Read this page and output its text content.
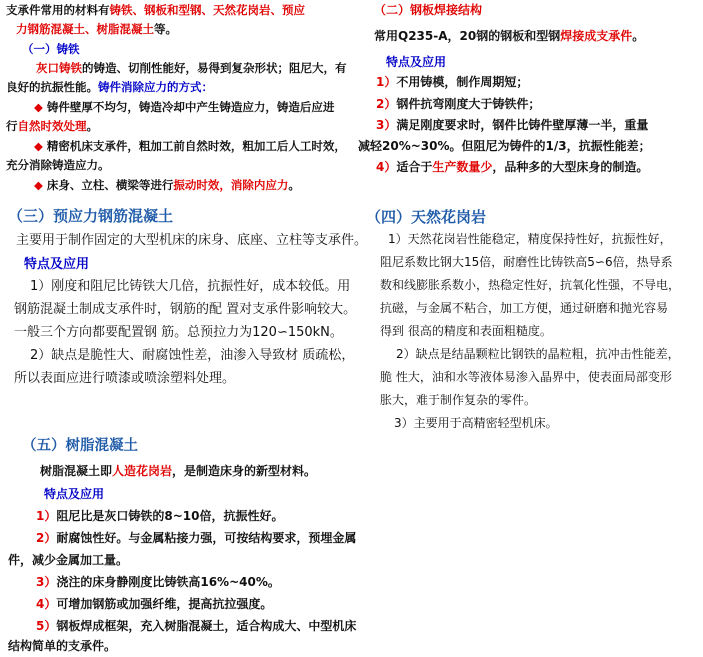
支承件常用的材料有铸铁、钢板和型钢、天然花岗岩、预应
力钢筋混凝土、树脂混凝土等。
（一）铸铁
灰口铸铁的铸造、切削性能好，易得到复杂形状；阻尼大，有
良好的抗振性能。铸件消除应力的方式：
◆ 铸件壁厚不均匀，铸造冷却中产生铸造应力，铸造后应进
行自然时效处理。
◆ 精密机床支承件，粗加工前自然时效，粗加工后人工时效，
充分消除铸造应力。
◆ 床身、立柱、横梁等进行振动时效，消除内应力。
（二）钢板焊接结构
常用Q235-A，20钢的钢板和型钢焊接成支承件。
特点及应用
1）不用铸模，制作周期短；
2）钢件抗弯刚度大于铸铁件；
3）满足刚度要求时，钢件比铸件壁厚薄一半，重量
减轻20%~30%。但阻尼为铸件的1/3，抗振性能差；
4）适合于生产数量少，品种多的大型床身的制造。
（三）预应力钢筋混凝土
主要用于制作固定的大型机床的床身、底座、立柱等支承件。
特点及应用
1）刚度和阻尼比铸铁大几倍，抗振性好，成本较低。用
钢筋混凝土制成支承件时，钢筋的配 置对支承件影响较大。
一般三个方向都要配置钢 筋。总预拉力为120∽150kN。
2）缺点是脆性大、耐腐蚀性差，油渗入导致材 质疏松，
所以表面应进行喷漆或喷涂塑料处理。
（四）天然花岗岩
1）天然花岗岩性能稳定，精度保持性好，抗振性好，
阻尼系数比钢大15倍，耐磨性比铸铁高5∽6倍，热导系
数和线膨胀系数小，热稳定性好，抗氧化性强，不导电，
抗磁，与金属不粘合，加工方便，通过研磨和抛光容易
得到 很高的精度和表面粗糙度。
2）缺点是结晶颗粒比钢铁的晶粒粗，抗冲击性能差，
脆 性大，油和水等液体易渗入晶界中，使表面局部变形
胀大，难于制作复杂的零件。
3）主要用于高精密轻型机床。
（五）树脂混凝土
树脂混凝土即人造花岗岩，是制造床身的新型材料。
特点及应用
1）阻尼比是灰口铸铁的8~10倍，抗振性好。
2）耐腐蚀性好。与金属粘接力强，可按结构要求，预埋金属
件，减少金属加工量。
3）浇注的床身静刚度比铸铁高16%~40%。
4）可增加钢筋或加强纤维，提高抗拉强度。
5）钢板焊成框架，充入树脂混凝土，适合构成大、中型机床
结构简单的支承件。
